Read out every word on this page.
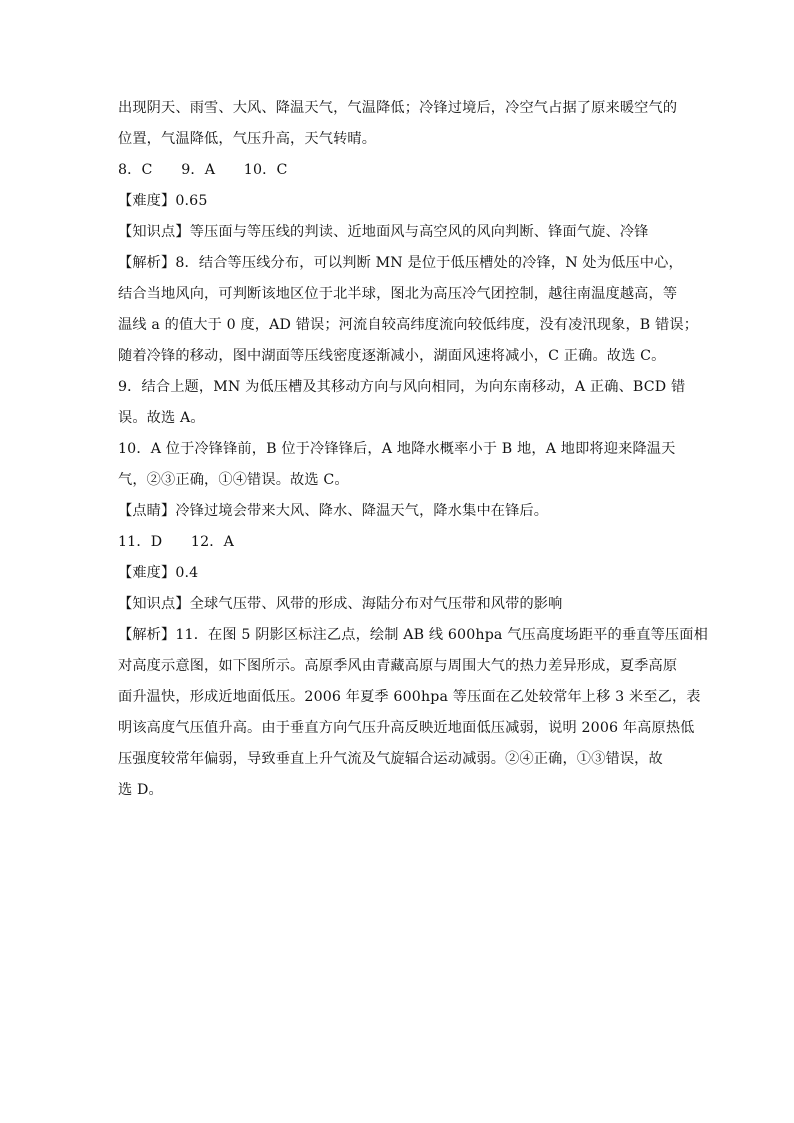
出现阴天、雨雪、大风、降温天气，气温降低；冷锋过境后，冷空气占据了原来暖空气的
位置，气温降低，气压升高，天气转晴。
8．C　　9．A　　10．C
【难度】0.65
【知识点】等压面与等压线的判读、近地面风与高空风的风向判断、锋面气旋、冷锋
【解析】8．结合等压线分布，可以判断 MN 是位于低压槽处的冷锋，N 处为低压中心，
结合当地风向，可判断该地区位于北半球，图北为高压冷气团控制，越往南温度越高，等
温线 a 的值大于 0 度，AD 错误；河流自较高纬度流向较低纬度，没有凌汛现象，B 错误；
随着冷锋的移动，图中湖面等压线密度逐渐减小，湖面风速将减小，C 正确。故选 C。
9．结合上题，MN 为低压槽及其移动方向与风向相同，为向东南移动，A 正确、BCD 错
误。故选 A。
10．A 位于冷锋锋前，B 位于冷锋锋后，A 地降水概率小于 B 地，A 地即将迎来降温天
气，②③正确，①④错误。故选 C。
【点睛】冷锋过境会带来大风、降水、降温天气，降水集中在锋后。
11．D　　12．A
【难度】0.4
【知识点】全球气压带、风带的形成、海陆分布对气压带和风带的影响
【解析】11．在图 5 阴影区标注乙点，绘制 AB 线 600hpa 气压高度场距平的垂直等压面相
对高度示意图，如下图所示。高原季风由青藏高原与周围大气的热力差异形成，夏季高原
面升温快，形成近地面低压。2006 年夏季 600hpa 等压面在乙处较常年上移 3 米至乙，表
明该高度气压值升高。由于垂直方向气压升高反映近地面低压减弱，说明 2006 年高原热低
压强度较常年偏弱，导致垂直上升气流及气旋辐合运动减弱。②④正确，①③错误，故
选 D。
